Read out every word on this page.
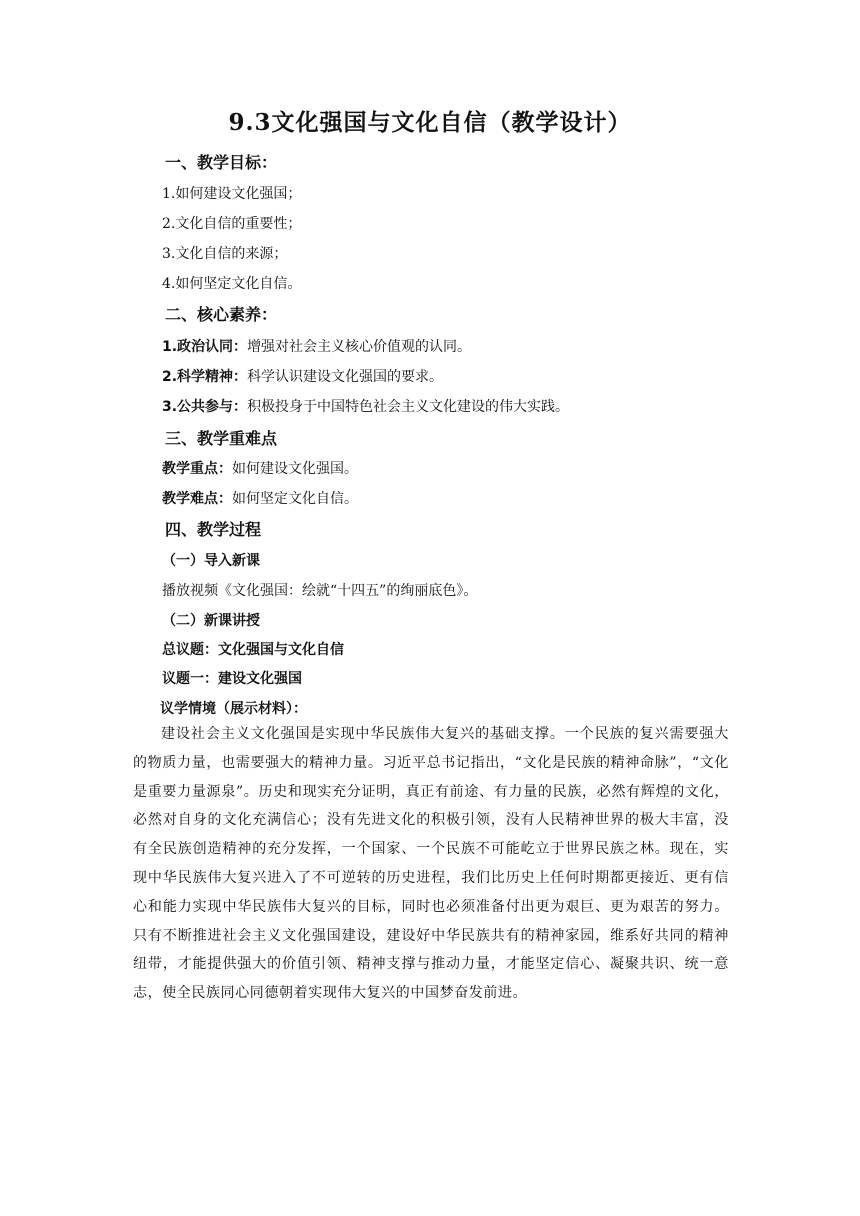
9.3文化强国与文化自信（教学设计）
一、教学目标：
1.如何建设文化强国；
2.文化自信的重要性；
3.文化自信的来源；
4.如何坚定文化自信。
二、核心素养：
1.政治认同：增强对社会主义核心价值观的认同。
2.科学精神：科学认识建设文化强国的要求。
3.公共参与：积极投身于中国特色社会主义文化建设的伟大实践。
三、教学重难点
教学重点：如何建设文化强国。
教学难点：如何坚定文化自信。
四、教学过程
（一）导入新课
播放视频《文化强国：绘就“十四五”的绚丽底色》。
（二）新课讲授
总议题：文化强国与文化自信
议题一：建设文化强国
议学情境（展示材料）：
建设社会主义文化强国是实现中华民族伟大复兴的基础支撑。一个民族的复兴需要强大的物质力量，也需要强大的精神力量。习近平总书记指出，“文化是民族的精神命脉”，“文化是重要力量源泉”。历史和现实充分证明，真正有前途、有力量的民族，必然有辉煌的文化，必然对自身的文化充满信心；没有先进文化的积极引领，没有人民精神世界的极大丰富，没有全民族创造精神的充分发挥，一个国家、一个民族不可能屹立于世界民族之林。现在，实现中华民族伟大复兴进入了不可逆转的历史进程，我们比历史上任何时期都更接近、更有信心和能力实现中华民族伟大复兴的目标，同时也必须准备付出更为艰巨、更为艰苦的努力。只有不断推进社会主义文化强国建设，建设好中华民族共有的精神家园，维系好共同的精神纽带，才能提供强大的价值引领、精神支撑与推动力量，才能坚定信心、凝聚共识、统一意志，使全民族同心同德朝着实现伟大复兴的中国梦奋发前进。
